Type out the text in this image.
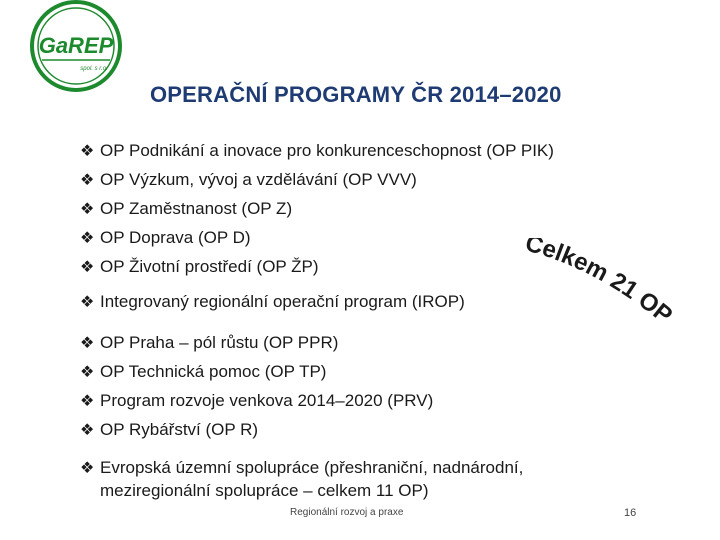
GaREP
spol. s r.o.
OPERAČNÍ PROGRAMY ČR 2014–2020
❖ OP Podnikání a inovace pro konkurenceschopnost (OP PIK)
❖ OP Výzkum, vývoj a vzdělávání (OP VVV)
❖ OP Zaměstnanost (OP Z)
❖ OP Doprava (OP D)
❖ OP Životní prostředí (OP ŽP)
❖ Integrovaný regionální operační program (IROP)
❖ OP Praha – pól růstu (OP PPR)
❖ OP Technická pomoc (OP TP)
❖ Program rozvoje venkova 2014–2020 (PRV)
❖ OP Rybářství (OP R)
❖ Evropská územní spolupráce (přeshraniční, nadnárodní,
meziregionální spolupráce – celkem 11 OP)
Celkem 21 OP
Regionální rozvoj a praxe	16
